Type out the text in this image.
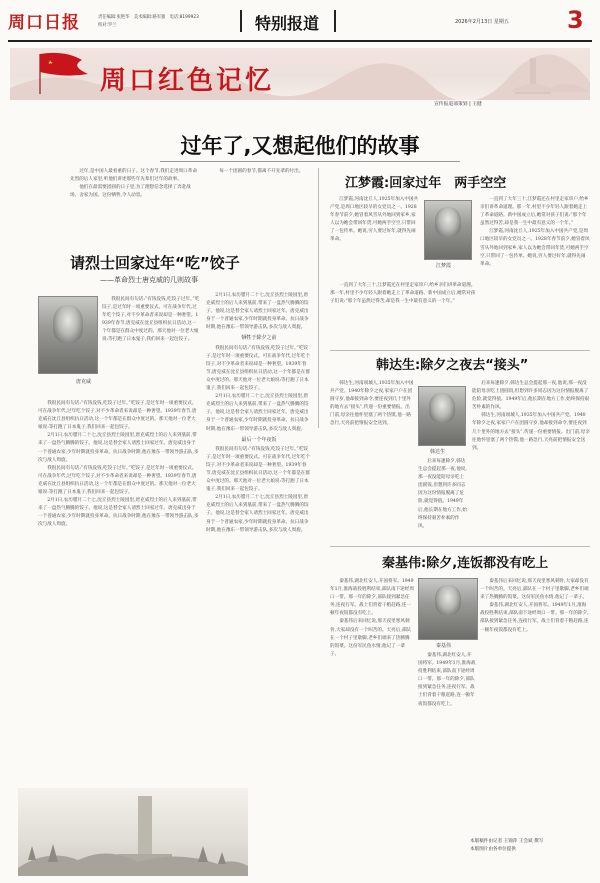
周口日报	责任编辑:张艳华　美术编辑:路军强　电话:8199923
校对:罗兰	特别报道	2026年2月13日 星期五 3
周口红色记忆
宣传报道部策划 | 王健
过年了,又想起他们的故事

过年,是中国人最看重的日子。这个春节,我们走进周口革命先烈的后人家里,听他们讲述那些年先辈们过年的故事。

他们在最需要团圆的日子里,为了理想信念选择了奔赴战场、舍家为国。这份牺牲,令人动容。

每一个团圆的春节,都离不开先辈的付出。

请烈士回家过年“吃”饺子
——革命烈士唐克威的几则故事
唐克威

我很民间有句话:“有钱没钱,吃饺子过年。”吃饺子,是过年时一项重要仪式。可在战争年代,过年吃个饺子,对不少革命者来说却是一种奢望。1939年春节,唐克威在沈丘县组织抗日活动,这一个年都是在群众中度过的。那天他对一位老大娘说:等打跑了日本鬼子,我们回来一起包饺子。

我很民间有句话:“有钱没钱,吃饺子过年。”吃饺子,是过年时一项重要仪式。可在战争年代,过年吃个饺子,对不少革命者来说却是一种奢望。1939年春节,唐克威在沈丘县组织抗日活动,这一个年都是在群众中度过的。那天他对一位老大娘说:等打跑了日本鬼子,我们回来一起包饺子。

2月1日,农历腊月二十七,沈丘县烈士陵园里,唐克威烈士的后人来到墓前,带来了一盘热气腾腾的饺子。他说,这是替全家人请烈士回家过年。唐克威出身于一个普通农家,少年时期就投身革命。抗日战争时期,他在豫东一带领导游击队,多次与敌人周旋。

我很民间有句话:“有钱没钱,吃饺子过年。”吃饺子,是过年时一项重要仪式。可在战争年代,过年吃个饺子,对不少革命者来说却是一种奢望。1939年春节,唐克威在沈丘县组织抗日活动,这一个年都是在群众中度过的。那天他对一位老大娘说:等打跑了日本鬼子,我们回来一起包饺子。

2月1日,农历腊月二十七,沈丘县烈士陵园里,唐克威烈士的后人来到墓前,带来了一盘热气腾腾的饺子。他说,这是替全家人请烈士回家过年。唐克威出身于一个普通农家,少年时期就投身革命。抗日战争时期,他在豫东一带领导游击队,多次与敌人周旋。

2月1日,农历腊月二十七,沈丘县烈士陵园里,唐克威烈士的后人来到墓前,带来了一盘热气腾腾的饺子。他说,这是替全家人请烈士回家过年。唐克威出身于一个普通农家,少年时期就投身革命。抗日战争时期,他在豫东一带领导游击队,多次与敌人周旋。

牺牲于除夕之前

我很民间有句话:“有钱没钱,吃饺子过年。”吃饺子,是过年时一项重要仪式。可在战争年代,过年吃个饺子,对不少革命者来说却是一种奢望。1939年春节,唐克威在沈丘县组织抗日活动,这一个年都是在群众中度过的。那天他对一位老大娘说:等打跑了日本鬼子,我们回来一起包饺子。

2月1日,农历腊月二十七,沈丘县烈士陵园里,唐克威烈士的后人来到墓前,带来了一盘热气腾腾的饺子。他说,这是替全家人请烈士回家过年。唐克威出身于一个普通农家,少年时期就投身革命。抗日战争时期,他在豫东一带领导游击队,多次与敌人周旋。

最后一个年夜饭

我很民间有句话:“有钱没钱,吃饺子过年。”吃饺子,是过年时一项重要仪式。可在战争年代,过年吃个饺子,对不少革命者来说却是一种奢望。1939年春节,唐克威在沈丘县组织抗日活动,这一个年都是在群众中度过的。那天他对一位老大娘说:等打跑了日本鬼子,我们回来一起包饺子。

2月1日,农历腊月二十七,沈丘县烈士陵园里,唐克威烈士的后人来到墓前,带来了一盘热气腾腾的饺子。他说,这是替全家人请烈士回家过年。唐克威出身于一个普通农家,少年时期就投身革命。抗日战争时期,他在豫东一带领导游击队,多次与敌人周旋。

江梦霞:回家过年　两手空空

江梦霞,河南沈丘人,1925年加入中国共产党,是周口地区较早的女党员之一。1928年春节前夕,她冒着风雪从外地回到家乡,家人以为她会带回年货,可她两手空空,只带回了一包传单。她说,穷人要过好年,就得先闹革命。

江梦霞

一直到了大年三十,江梦霞还在村里走家串户,给乡亲们讲革命道理。那一年,村里不少年轻人跟着她走上了革命道路。新中国成立后,她常对孩子们说:“那个年虽然过得苦,却是我一生中最有意义的一个年。”

江梦霞,河南沈丘人,1925年加入中国共产党,是周口地区较早的女党员之一。1928年春节前夕,她冒着风雪从外地回到家乡,家人以为她会带回年货,可她两手空空,只带回了一包传单。她说,穷人要过好年,就得先闹革命。

一直到了大年三十,江梦霞还在村里走家串户,给乡亲们讲革命道理。那一年,村里不少年轻人跟着她走上了革命道路。新中国成立后,她常对孩子们说:“那个年虽然过得苦,却是我一生中最有意义的一个年。”

韩达生:除夕之夜去“接头”

韩达生,河南项城人,1935年加入中国共产党。1940年除夕之夜,家家户户在团圆守岁,他却接到命令,要连夜到几十里外的地方去“接头”,传递一份重要情报。出门前,母亲往他怀里塞了两个热馍,他一路急行,天亮前把情报安全送到。

韩达生

后来每逢除夕,韩达生总会提起那一夜,他说,那一夜没能陪母亲吃上团圆饭,但想到许多同志因为这份情报脱离了危险,就觉得值。1949年后,他长期在地方工作,始终保持艰苦朴素的作风。

韩达生,河南项城人,1935年加入中国共产党。1940年除夕之夜,家家户户在团圆守岁,他却接到命令,要连夜到几十里外的地方去“接头”,传递一份重要情报。出门前,母亲往他怀里塞了两个热馍,他一路急行,天亮前把情报安全送到。

后来每逢除夕,韩达生总会提起那一夜,他说,那一夜没能陪母亲吃上团圆饭,但想到许多同志因为这份情报脱离了危险,就觉得值。1949年后,他长期在地方工作,始终保持艰苦朴素的作风。

秦基伟:除夕,连饭都没有吃上

秦基伟,湖北红安人,开国将军。1949年1月,淮海战役胜利结束,部队南下途经周口一带。那一年的除夕,部队接到紧急任务,连夜行军。战士们背着干粮赶路,连一顿年夜饭都没有吃上。

秦基伟后来回忆说,那天夜里寒风刺骨,大家却没有一个叫苦的。天亮后,部队在一个村子里歇脚,老乡们端来了热腾腾的饭菜。这份军民鱼水情,他记了一辈子。

秦基伟

秦基伟后来回忆说,那天夜里寒风刺骨,大家却没有一个叫苦的。天亮后,部队在一个村子里歇脚,老乡们端来了热腾腾的饭菜。这份军民鱼水情,他记了一辈子。

秦基伟,湖北红安人,开国将军。1949年1月,淮海战役胜利结束,部队南下途经周口一带。那一年的除夕,部队接到紧急任务,连夜行军。战士们背着干粮赶路,连一顿年夜饭都没有吃上。

秦基伟,湖北红安人,开国将军。1949年1月,淮海战役胜利结束,部队南下途经周口一带。那一年的除夕,部队接到紧急任务,连夜行军。战士们背着干粮赶路,连一顿年夜饭都没有吃上。

本版稿件由记者 王锦萍 王会斌 撰写
本版图片由各单位提供
